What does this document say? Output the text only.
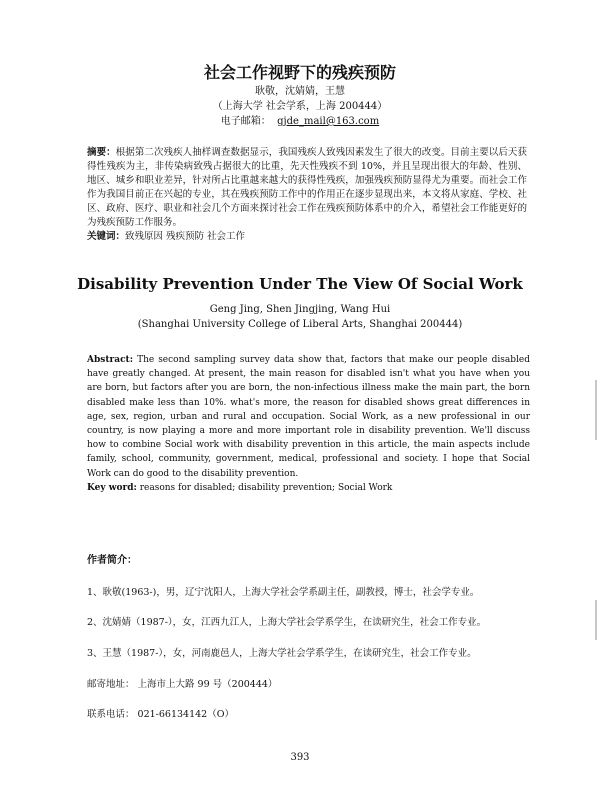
社会工作视野下的残疾预防
耿敬，沈婧婧，王慧
（上海大学 社会学系，上海 200444）
电子邮箱： gjde_mail@163.com
摘要：根据第二次残疾人抽样调查数据显示，我国残疾人致残因素发生了很大的改变。目前主要以后天获得性残疾为主，非传染病致残占据很大的比重，先天性残疾不到 10%，并且呈现出很大的年龄、性别、地区、城乡和职业差异，针对所占比重越来越大的获得性残疾，加强残疾预防显得尤为重要。而社会工作作为我国目前正在兴起的专业，其在残疾预防工作中的作用正在逐步显现出来，本文将从家庭、学校、社区、政府、医疗、职业和社会几个方面来探讨社会工作在残疾预防体系中的介入，希望社会工作能更好的为残疾预防工作服务。
关键词：致残原因 残疾预防 社会工作
Disability Prevention Under The View Of Social Work
Geng Jing, Shen Jingjing, Wang Hui
(Shanghai University College of Liberal Arts, Shanghai 200444)
Abstract: The second sampling survey data show that, factors that make our people disabled have greatly changed. At present, the main reason for disabled isn't what you have when you are born, but factors after you are born, the non-infectious illness make the main part, the born disabled make less than 10%. what's more, the reason for disabled shows great differences in age, sex, region, urban and rural and occupation. Social Work, as a new professional in our country, is now playing a more and more important role in disability prevention. We'll discuss how to combine Social work with disability prevention in this article, the main aspects include family, school, community, government, medical, professional and society. I hope that Social Work can do good to the disability prevention.
Key word: reasons for disabled; disability prevention; Social Work
作者简介：
1、耿敬(1963-)，男，辽宁沈阳人，上海大学社会学系副主任，副教授，博士，社会学专业。
2、沈婧婧（1987-），女，江西九江人，上海大学社会学系学生，在读研究生，社会工作专业。
3、王慧（1987-），女，河南鹿邑人，上海大学社会学系学生，在读研究生，社会工作专业。
邮寄地址： 上海市上大路 99 号（200444）
联系电话： 021-66134142（O）
393
